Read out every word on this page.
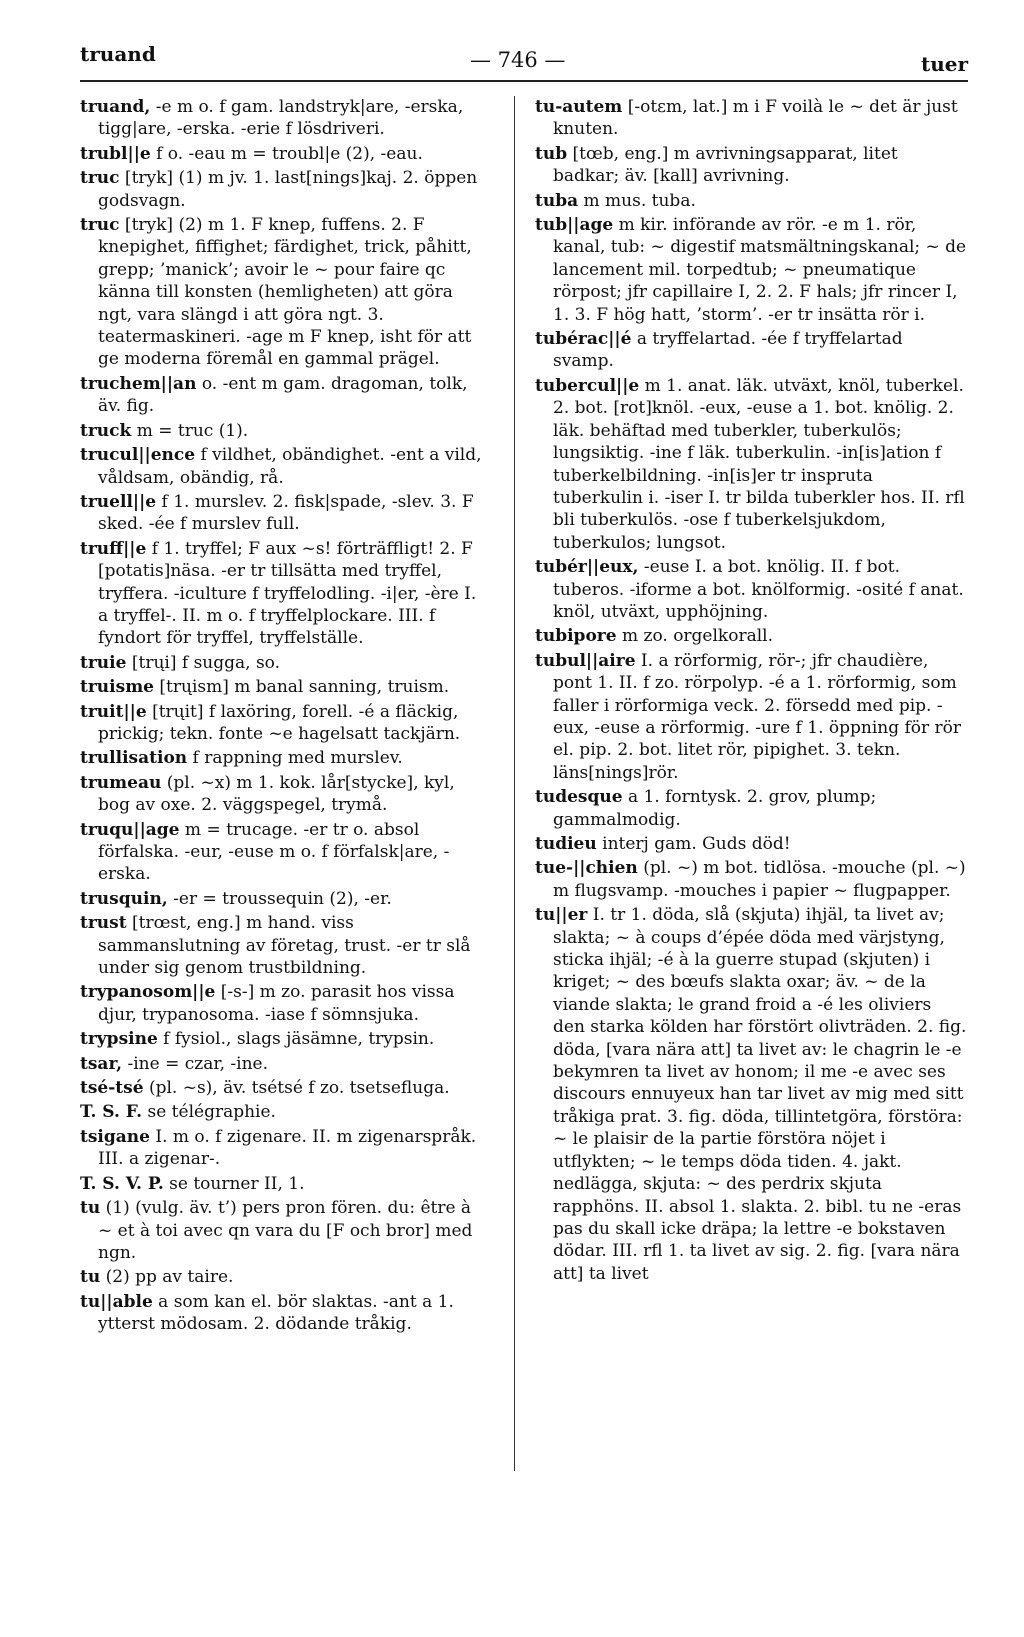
truand	— 746 —	tuer
truand, -e m o. f gam. landstryk|are, -erska, tigg|are, -erska. -erie f lösdriveri.
trubl||e f o. -eau m = troubl|e (2), -eau.
truc [tryk] (1) m jv. 1. last[nings]kaj. 2. öppen godsvagn.
truc [tryk] (2) m 1. F knep, fuffens. 2. F knepighet, fiffighet; färdighet, trick, påhitt, grepp; ’manick’; avoir le ~ pour faire qc känna till konsten (hemligheten) att göra ngt, vara slängd i att göra ngt. 3. teatermaskineri. -age m F knep, isht för att ge moderna föremål en gammal prägel.
truchem||an o. -ent m gam. dragoman, tolk, äv. fig.
truck m = truc (1).
trucul||ence f vildhet, obändighet. -ent a vild, våldsam, obändig, rå.
truell||e f 1. murslev. 2. fisk|spade, -slev. 3. F sked. -ée f murslev full.
truff||e f 1. tryffel; F aux ~s! förträffligt! 2. F [potatis]näsa. -er tr tillsätta med tryffel, tryffera. -iculture f tryffelodling. -i|er, -ère I. a tryffel-. II. m o. f tryffelplockare. III. f fyndort för tryffel, tryffelställe.
truie [trųi] f sugga, so.
truisme [trųism] m banal sanning, truism.
truit||e [trųit] f laxöring, forell. -é a fläckig, prickig; tekn. fonte ~e hagelsatt tackjärn.
trullisation f rappning med murslev.
trumeau (pl. ~x) m 1. kok. lår[stycke], kyl, bog av oxe. 2. väggspegel, trymå.
truqu||age m = trucage. -er tr o. absol förfalska. -eur, -euse m o. f förfalsk|are, -erska.
trusquin, -er = troussequin (2), -er.
trust [trœst, eng.] m hand. viss sammanslutning av företag, trust. -er tr slå under sig genom trustbildning.
trypanosom||e [-s-] m zo. parasit hos vissa djur, trypanosoma. -iase f sömnsjuka.
trypsine f fysiol., slags jäsämne, trypsin.
tsar, -ine = czar, -ine.
tsé-tsé (pl. ~s), äv. tsétsé f zo. tsetsefluga.
T. S. F. se télégraphie.
tsigane I. m o. f zigenare. II. m zigenarspråk. III. a zigenar-.
T. S. V. P. se tourner II, 1.
tu (1) (vulg. äv. t’) pers pron fören. du: être à ~ et à toi avec qn vara du [F och bror] med ngn.
tu (2) pp av taire.
tu||able a som kan el. bör slaktas. -ant a 1. ytterst mödosam. 2. dödande tråkig.
tu-autem [-otεm, lat.] m i F voilà le ~ det är just knuten.
tub [tœb, eng.] m avrivningsapparat, litet badkar; äv. [kall] avrivning.
tuba m mus. tuba.
tub||age m kir. införande av rör. -e m 1. rör, kanal, tub: ~ digestif matsmältningskanal; ~ de lancement mil. torpedtub; ~ pneumatique rörpost; jfr capillaire I, 2. 2. F hals; jfr rincer I, 1. 3. F hög hatt, ’storm’. -er tr insätta rör i.
tubérac||é a tryffelartad. -ée f tryffelartad svamp.
tubercul||e m 1. anat. läk. utväxt, knöl, tuberkel. 2. bot. [rot]knöl. -eux, -euse a 1. bot. knölig. 2. läk. behäftad med tuberkler, tuberkulös; lungsiktig. -ine f läk. tuberkulin. -in[is]ation f tuberkelbildning. -in[is]er tr inspruta tuberkulin i. -iser I. tr bilda tuberkler hos. II. rfl bli tuberkulös. -ose f tuberkelsjukdom, tuberkulos; lungsot.
tubér||eux, -euse I. a bot. knölig. II. f bot. tuberos. -iforme a bot. knölformig. -osité f anat. knöl, utväxt, upphöjning.
tubipore m zo. orgelkorall.
tubul||aire I. a rörformig, rör-; jfr chaudière, pont 1. II. f zo. rörpolyp. -é a 1. rörformig, som faller i rörformiga veck. 2. försedd med pip. -eux, -euse a rörformig. -ure f 1. öppning för rör el. pip. 2. bot. litet rör, pipighet. 3. tekn. läns[nings]rör.
tudesque a 1. forntysk. 2. grov, plump; gammalmodig.
tudieu interj gam. Guds död!
tue-||chien (pl. ~) m bot. tidlösa. -mouche (pl. ~) m flugsvamp. -mouches i papier ~ flugpapper.
tu||er I. tr 1. döda, slå (skjuta) ihjäl, ta livet av; slakta; ~ à coups d’épée döda med värjstyng, sticka ihjäl; -é à la guerre stupad (skjuten) i kriget; ~ des bœufs slakta oxar; äv. ~ de la viande slakta; le grand froid a -é les oliviers den starka kölden har förstört olivträden. 2. fig. döda, [vara nära att] ta livet av: le chagrin le -e bekymren ta livet av honom; il me -e avec ses discours ennuyeux han tar livet av mig med sitt tråkiga prat. 3. fig. döda, tillintetgöra, förstöra: ~ le plaisir de la partie förstöra nöjet i utflykten; ~ le temps döda tiden. 4. jakt. nedlägga, skjuta: ~ des perdrix skjuta rapphöns. II. absol 1. slakta. 2. bibl. tu ne -eras pas du skall icke dräpa; la lettre -e bokstaven dödar. III. rfl 1. ta livet av sig. 2. fig. [vara nära att] ta livet
